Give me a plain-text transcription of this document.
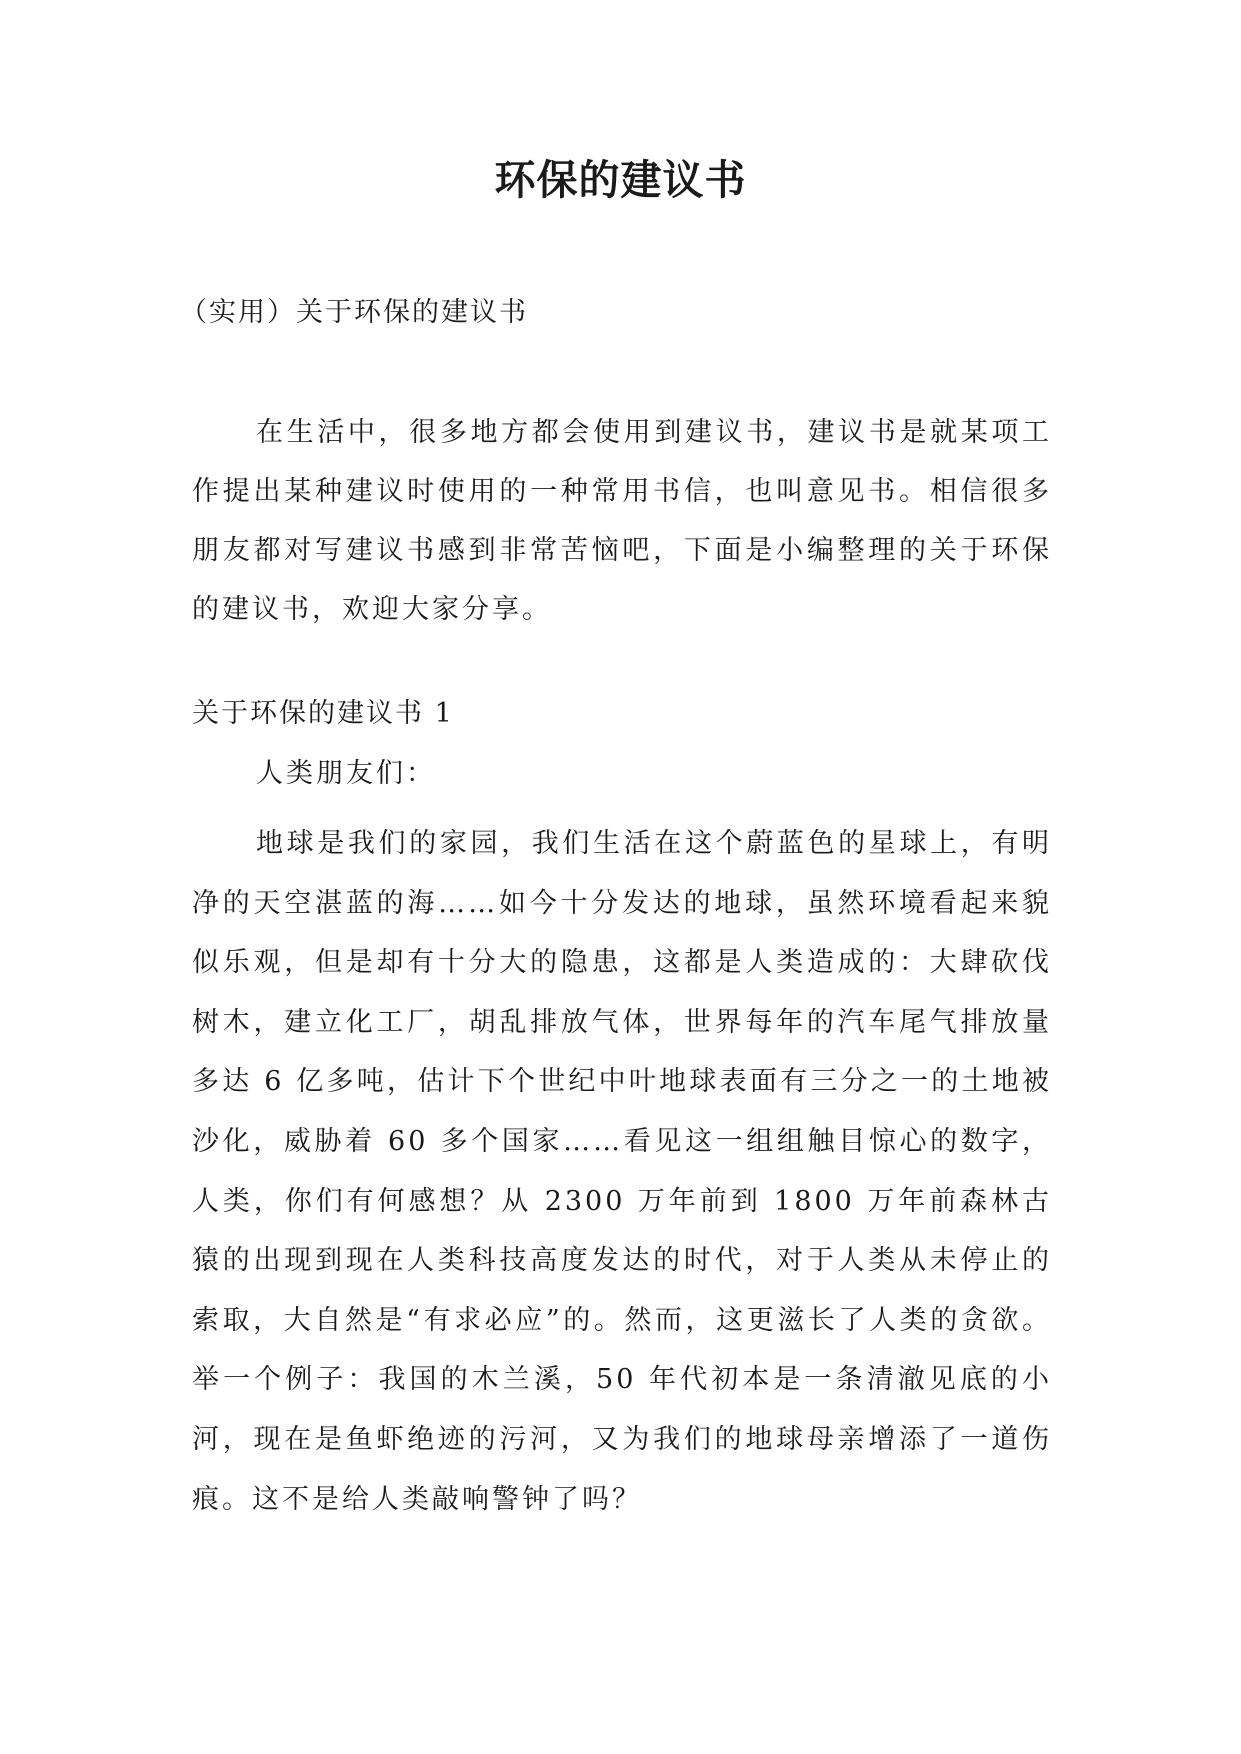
环保的建议书
（实用）关于环保的建议书
在生活中，很多地方都会使用到建议书，建议书是就某项工作提出某种建议时使用的一种常用书信，也叫意见书。相信很多朋友都对写建议书感到非常苦恼吧，下面是小编整理的关于环保的建议书，欢迎大家分享。
关于环保的建议书 1
人类朋友们：
地球是我们的家园，我们生活在这个蔚蓝色的星球上，有明净的天空湛蓝的海……如今十分发达的地球，虽然环境看起来貌似乐观，但是却有十分大的隐患，这都是人类造成的：大肆砍伐树木，建立化工厂，胡乱排放气体，世界每年的汽车尾气排放量多达 6 亿多吨，估计下个世纪中叶地球表面有三分之一的土地被沙化，威胁着 60 多个国家……看见这一组组触目惊心的数字，人类，你们有何感想？从 2300 万年前到 1800 万年前森林古猿的出现到现在人类科技高度发达的时代，对于人类从未停止的索取，大自然是“有求必应”的。然而，这更滋长了人类的贪欲。举一个例子：我国的木兰溪，50 年代初本是一条清澈见底的小河，现在是鱼虾绝迹的污河，又为我们的地球母亲增添了一道伤痕。这不是给人类敲响警钟了吗？
